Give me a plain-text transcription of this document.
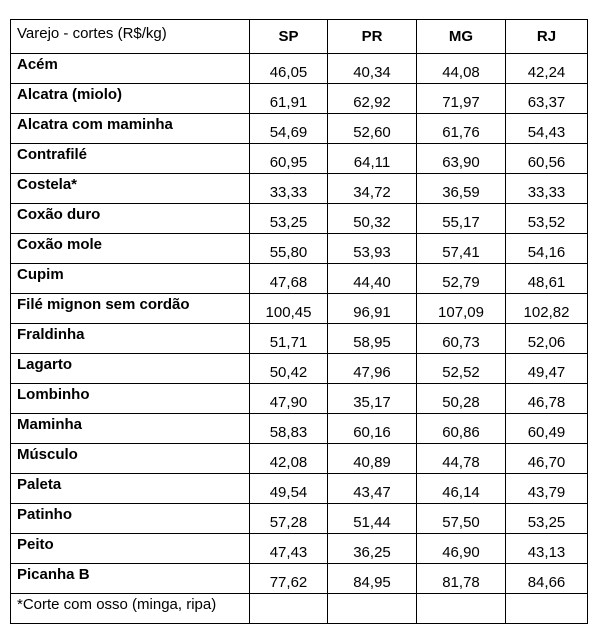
Varejo - cortes (R$/kg)	SP	PR	MG	RJ
Acém	46,05	40,34	44,08	42,24
Alcatra (miolo)	61,91	62,92	71,97	63,37
Alcatra com maminha	54,69	52,60	61,76	54,43
Contrafilé	60,95	64,11	63,90	60,56
Costela*	33,33	34,72	36,59	33,33
Coxão duro	53,25	50,32	55,17	53,52
Coxão mole	55,80	53,93	57,41	54,16
Cupim	47,68	44,40	52,79	48,61
Filé mignon sem cordão	100,45	96,91	107,09	102,82
Fraldinha	51,71	58,95	60,73	52,06
Lagarto	50,42	47,96	52,52	49,47
Lombinho	47,90	35,17	50,28	46,78
Maminha	58,83	60,16	60,86	60,49
Músculo	42,08	40,89	44,78	46,70
Paleta	49,54	43,47	46,14	43,79
Patinho	57,28	51,44	57,50	53,25
Peito	47,43	36,25	46,90	43,13
Picanha B	77,62	84,95	81,78	84,66
*Corte com osso (minga, ripa)				
